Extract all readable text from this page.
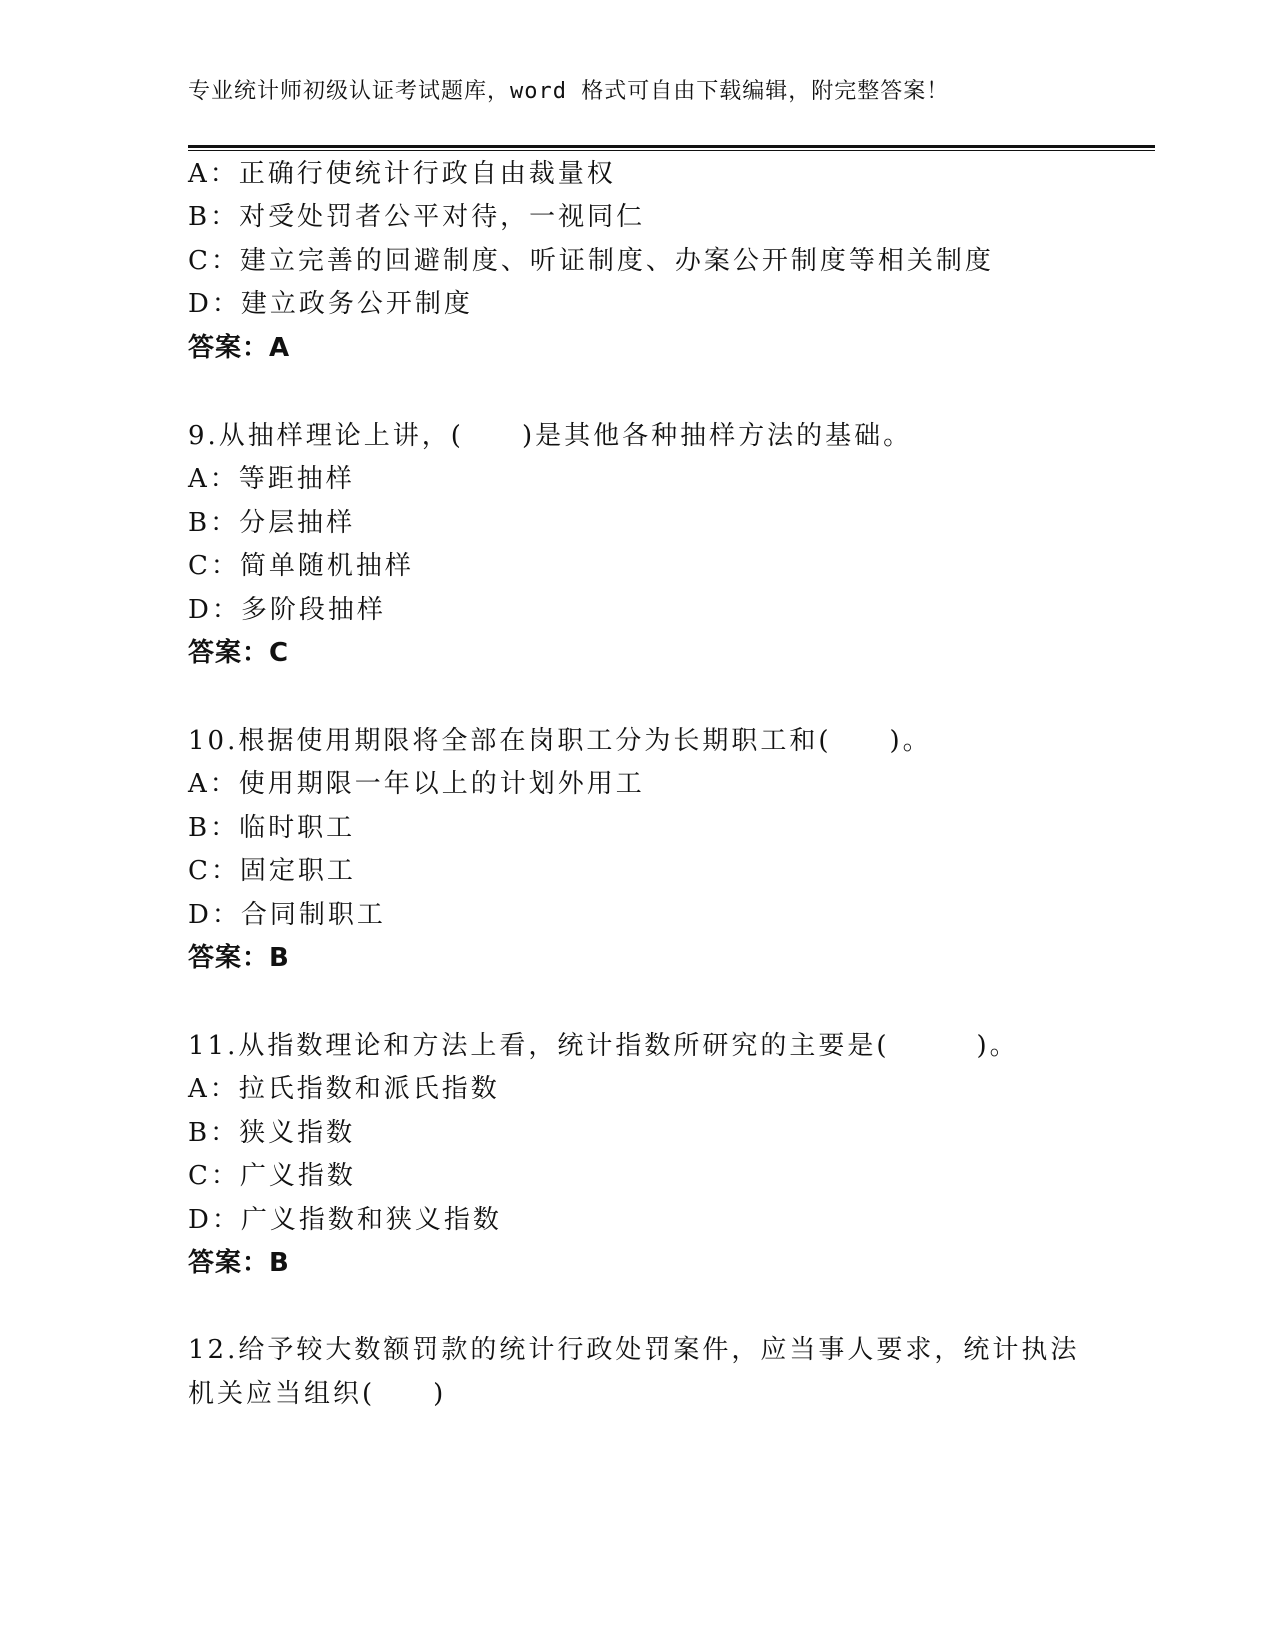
专业统计师初级认证考试题库，word 格式可自由下载编辑，附完整答案！
A：正确行使统计行政自由裁量权
B：对受处罚者公平对待，一视同仁
C：建立完善的回避制度、听证制度、办案公开制度等相关制度
D：建立政务公开制度
答案：A
9.从抽样理论上讲，(　　)是其他各种抽样方法的基础。
A：等距抽样
B：分层抽样
C：简单随机抽样
D：多阶段抽样
答案：C
10.根据使用期限将全部在岗职工分为长期职工和(　　)。
A：使用期限一年以上的计划外用工
B：临时职工
C：固定职工
D：合同制职工
答案：B
11.从指数理论和方法上看，统计指数所研究的主要是(　　　)。
A：拉氏指数和派氏指数
B：狭义指数
C：广义指数
D：广义指数和狭义指数
答案：B
12.给予较大数额罚款的统计行政处罚案件，应当事人要求，统计执法
机关应当组织(　　)
